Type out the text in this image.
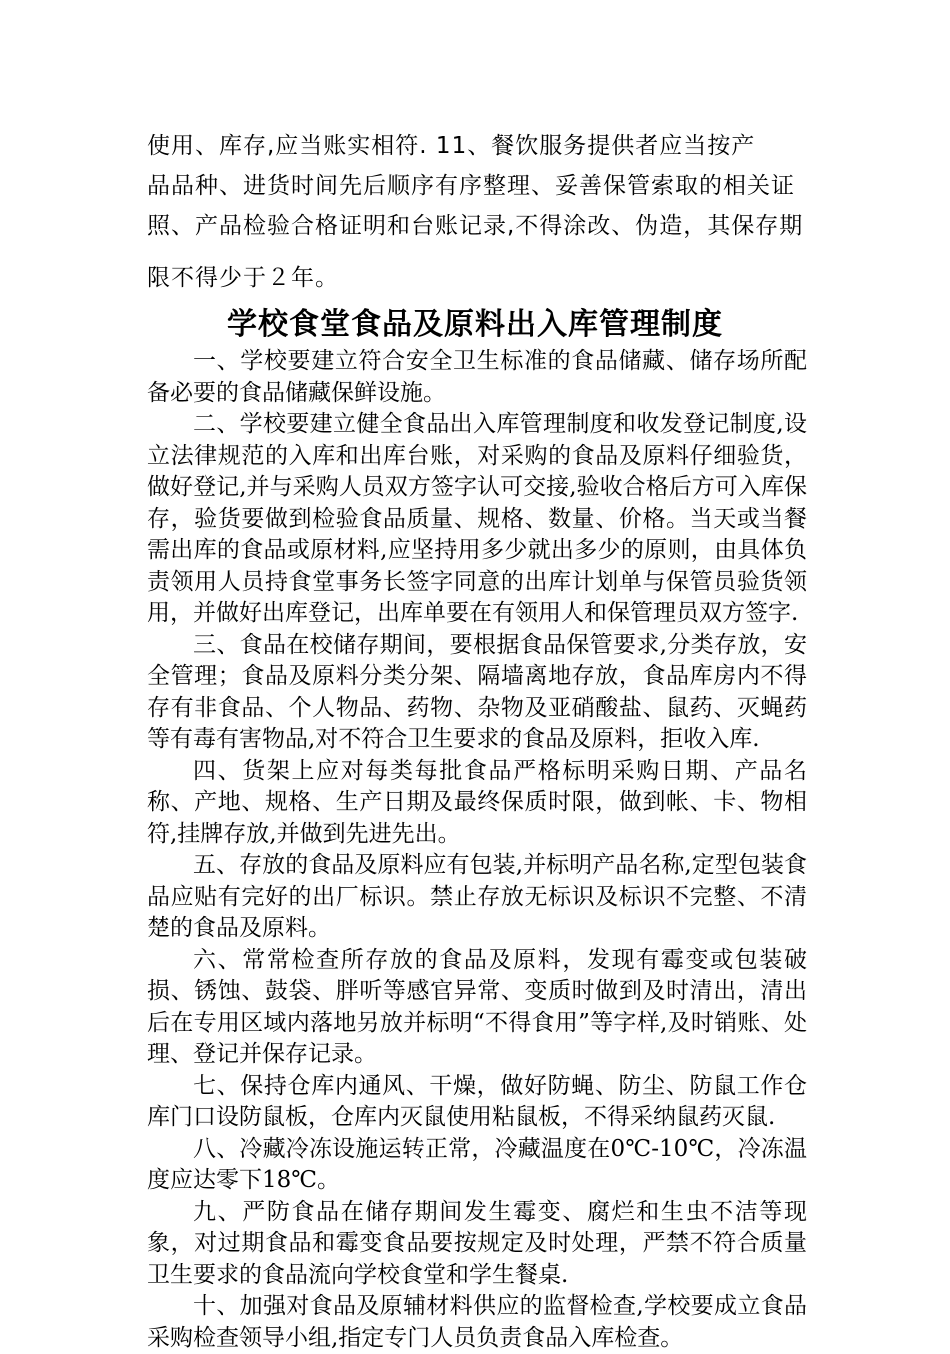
使用、库存,应当账实相符. 11、餐饮服务提供者应当按产

品品种、进货时间先后顺序有序整理、妥善保管索取的相关证

照、产品检验合格证明和台账记录,不得涂改、伪造，其保存期

限不得少于２年。

学校食堂食品及原料出入库管理制度

一、学校要建立符合安全卫生标准的食品储藏、储存场所配备必要的食品储藏保鲜设施。

二、学校要建立健全食品出入库管理制度和收发登记制度,设立法律规范的入库和出库台账，对采购的食品及原料仔细验货，做好登记,并与采购人员双方签字认可交接,验收合格后方可入库保存，验货要做到检验食品质量、规格、数量、价格。当天或当餐需出库的食品或原材料,应坚持用多少就出多少的原则，由具体负责领用人员持食堂事务长签字同意的出库计划单与保管员验货领用，并做好出库登记，出库单要在有领用人和保管理员双方签字.

三、食品在校储存期间，要根据食品保管要求,分类存放，安全管理；食品及原料分类分架、隔墙离地存放，食品库房内不得存有非食品、个人物品、药物、杂物及亚硝酸盐、鼠药、灭蝇药等有毒有害物品,对不符合卫生要求的食品及原料，拒收入库.

四、货架上应对每类每批食品严格标明采购日期、产品名称、产地、规格、生产日期及最终保质时限，做到帐、卡、物相符,挂牌存放,并做到先进先出。

五、存放的食品及原料应有包装,并标明产品名称,定型包装食品应贴有完好的出厂标识。禁止存放无标识及标识不完整、不清楚的食品及原料。

六、常常检查所存放的食品及原料，发现有霉变或包装破损、锈蚀、鼓袋、胖听等感官异常、变质时做到及时清出，清出后在专用区域内落地另放并标明“不得食用”等字样,及时销账、处理、登记并保存记录。

七、保持仓库内通风、干燥，做好防蝇、防尘、防鼠工作仓库门口设防鼠板，仓库内灭鼠使用粘鼠板，不得采纳鼠药灭鼠.

八、冷藏冷冻设施运转正常，冷藏温度在0℃-10℃，冷冻温度应达零下18℃。

九、严防食品在储存期间发生霉变、腐烂和生虫不洁等现象，对过期食品和霉变食品要按规定及时处理，严禁不符合质量卫生要求的食品流向学校食堂和学生餐桌.

十、加强对食品及原辅材料供应的监督检查,学校要成立食品采购检查领导小组,指定专门人员负责食品入库检查。
